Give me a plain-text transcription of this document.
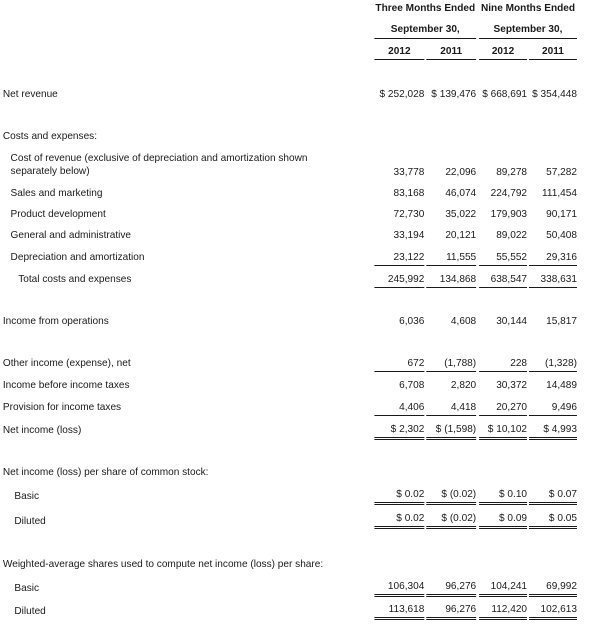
Three Months Ended Nine Months Ended
September 30,	September 30,
2012	2011	2012	2011
Net revenue	$ 252,028 $ 139,476 $ 668,691 $ 354,448
Costs and expenses:
Cost of revenue (exclusive of depreciation and amortization shown separately below)	33,778	22,096	89,278	57,282
Sales and marketing	83,168	46,074	224,792	111,454
Product development	72,730	35,022	179,903	90,171
General and administrative	33,194	20,121	89,022	50,408
Depreciation and amortization	23,122	11,555	55,552	29,316
Total costs and expenses	245,992	134,868	638,547	338,631
Income from operations	6,036	4,608	30,144	15,817
Other income (expense), net	672	(1,788)	228	(1,328)
Income before income taxes	6,708	2,820	30,372	14,489
Provision for income taxes	4,406	4,418	20,270	9,496
Net income (loss)	$ 2,302	$ (1,598)	$ 10,102	$ 4,993
Net income (loss) per share of common stock:
Basic	$ 0.02	$ (0.02)	$ 0.10	$ 0.07
Diluted	$ 0.02	$ (0.02)	$ 0.09	$ 0.05
Weighted-average shares used to compute net income (loss) per share:
Basic	106,304	96,276	104,241	69,992
Diluted	113,618	96,276	112,420	102,613
